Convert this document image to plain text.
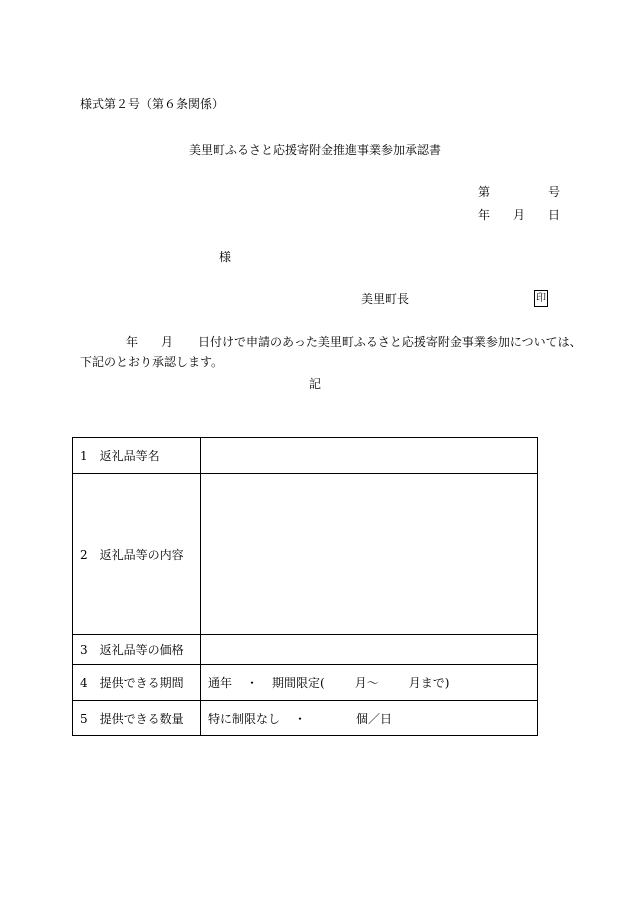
様式第２号（第６条関係）
美里町ふるさと応援寄附金推進事業参加承認書
第	号
年 月 日
様
美里町長	印
年 月 日付けで申請のあった美里町ふるさと応援寄附金事業参加については、
下記のとおり承認します。
記
1　返礼品等名	
2　返礼品等の内容	
3　返礼品等の価格	
4　提供できる期間	通年 ・ 期間限定( 月～ 月まで)
5　提供できる数量	特に制限なし ・ 個／日
